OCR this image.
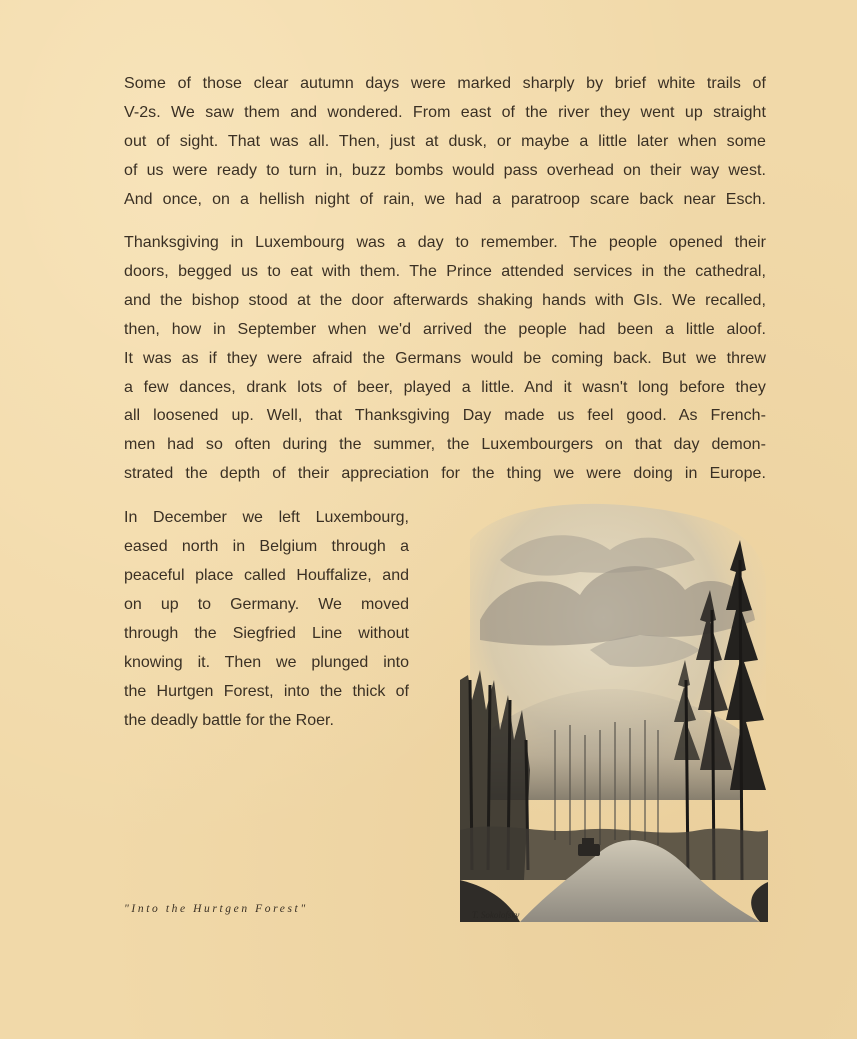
Some of those clear autumn days were marked sharply by brief white trails of
V-2s. We saw them and wondered. From east of the river they went up straight
out of sight. That was all. Then, just at dusk, or maybe a little later when some
of us were ready to turn in, buzz bombs would pass overhead on their way west.
And once, on a hellish night of rain, we had a paratroop scare back near Esch.

Thanksgiving in Luxembourg was a day to remember. The people opened their
doors, begged us to eat with them. The Prince attended services in the cathedral,
and the bishop stood at the door afterwards shaking hands with GIs. We recalled,
then, how in September when we'd arrived the people had been a little aloof.
It was as if they were afraid the Germans would be coming back. But we threw
a few dances, drank lots of beer, played a little. And it wasn't long before they
all loosened up. Well, that Thanksgiving Day made us feel good. As French-
men had so often during the summer, the Luxembourgers on that day demon-
strated the depth of their appreciation for the thing we were doing in Europe.

In December we left Luxembourg,
eased north in Belgium through a
peaceful place called Houffalize, and
on up to Germany. We moved
through the Siegfried Line without
knowing it. Then we plunged into
the Hurtgen Forest, into the thick of
the deadly battle for the Roer.

T. Sokolofsky

"Into the Hurtgen Forest"
